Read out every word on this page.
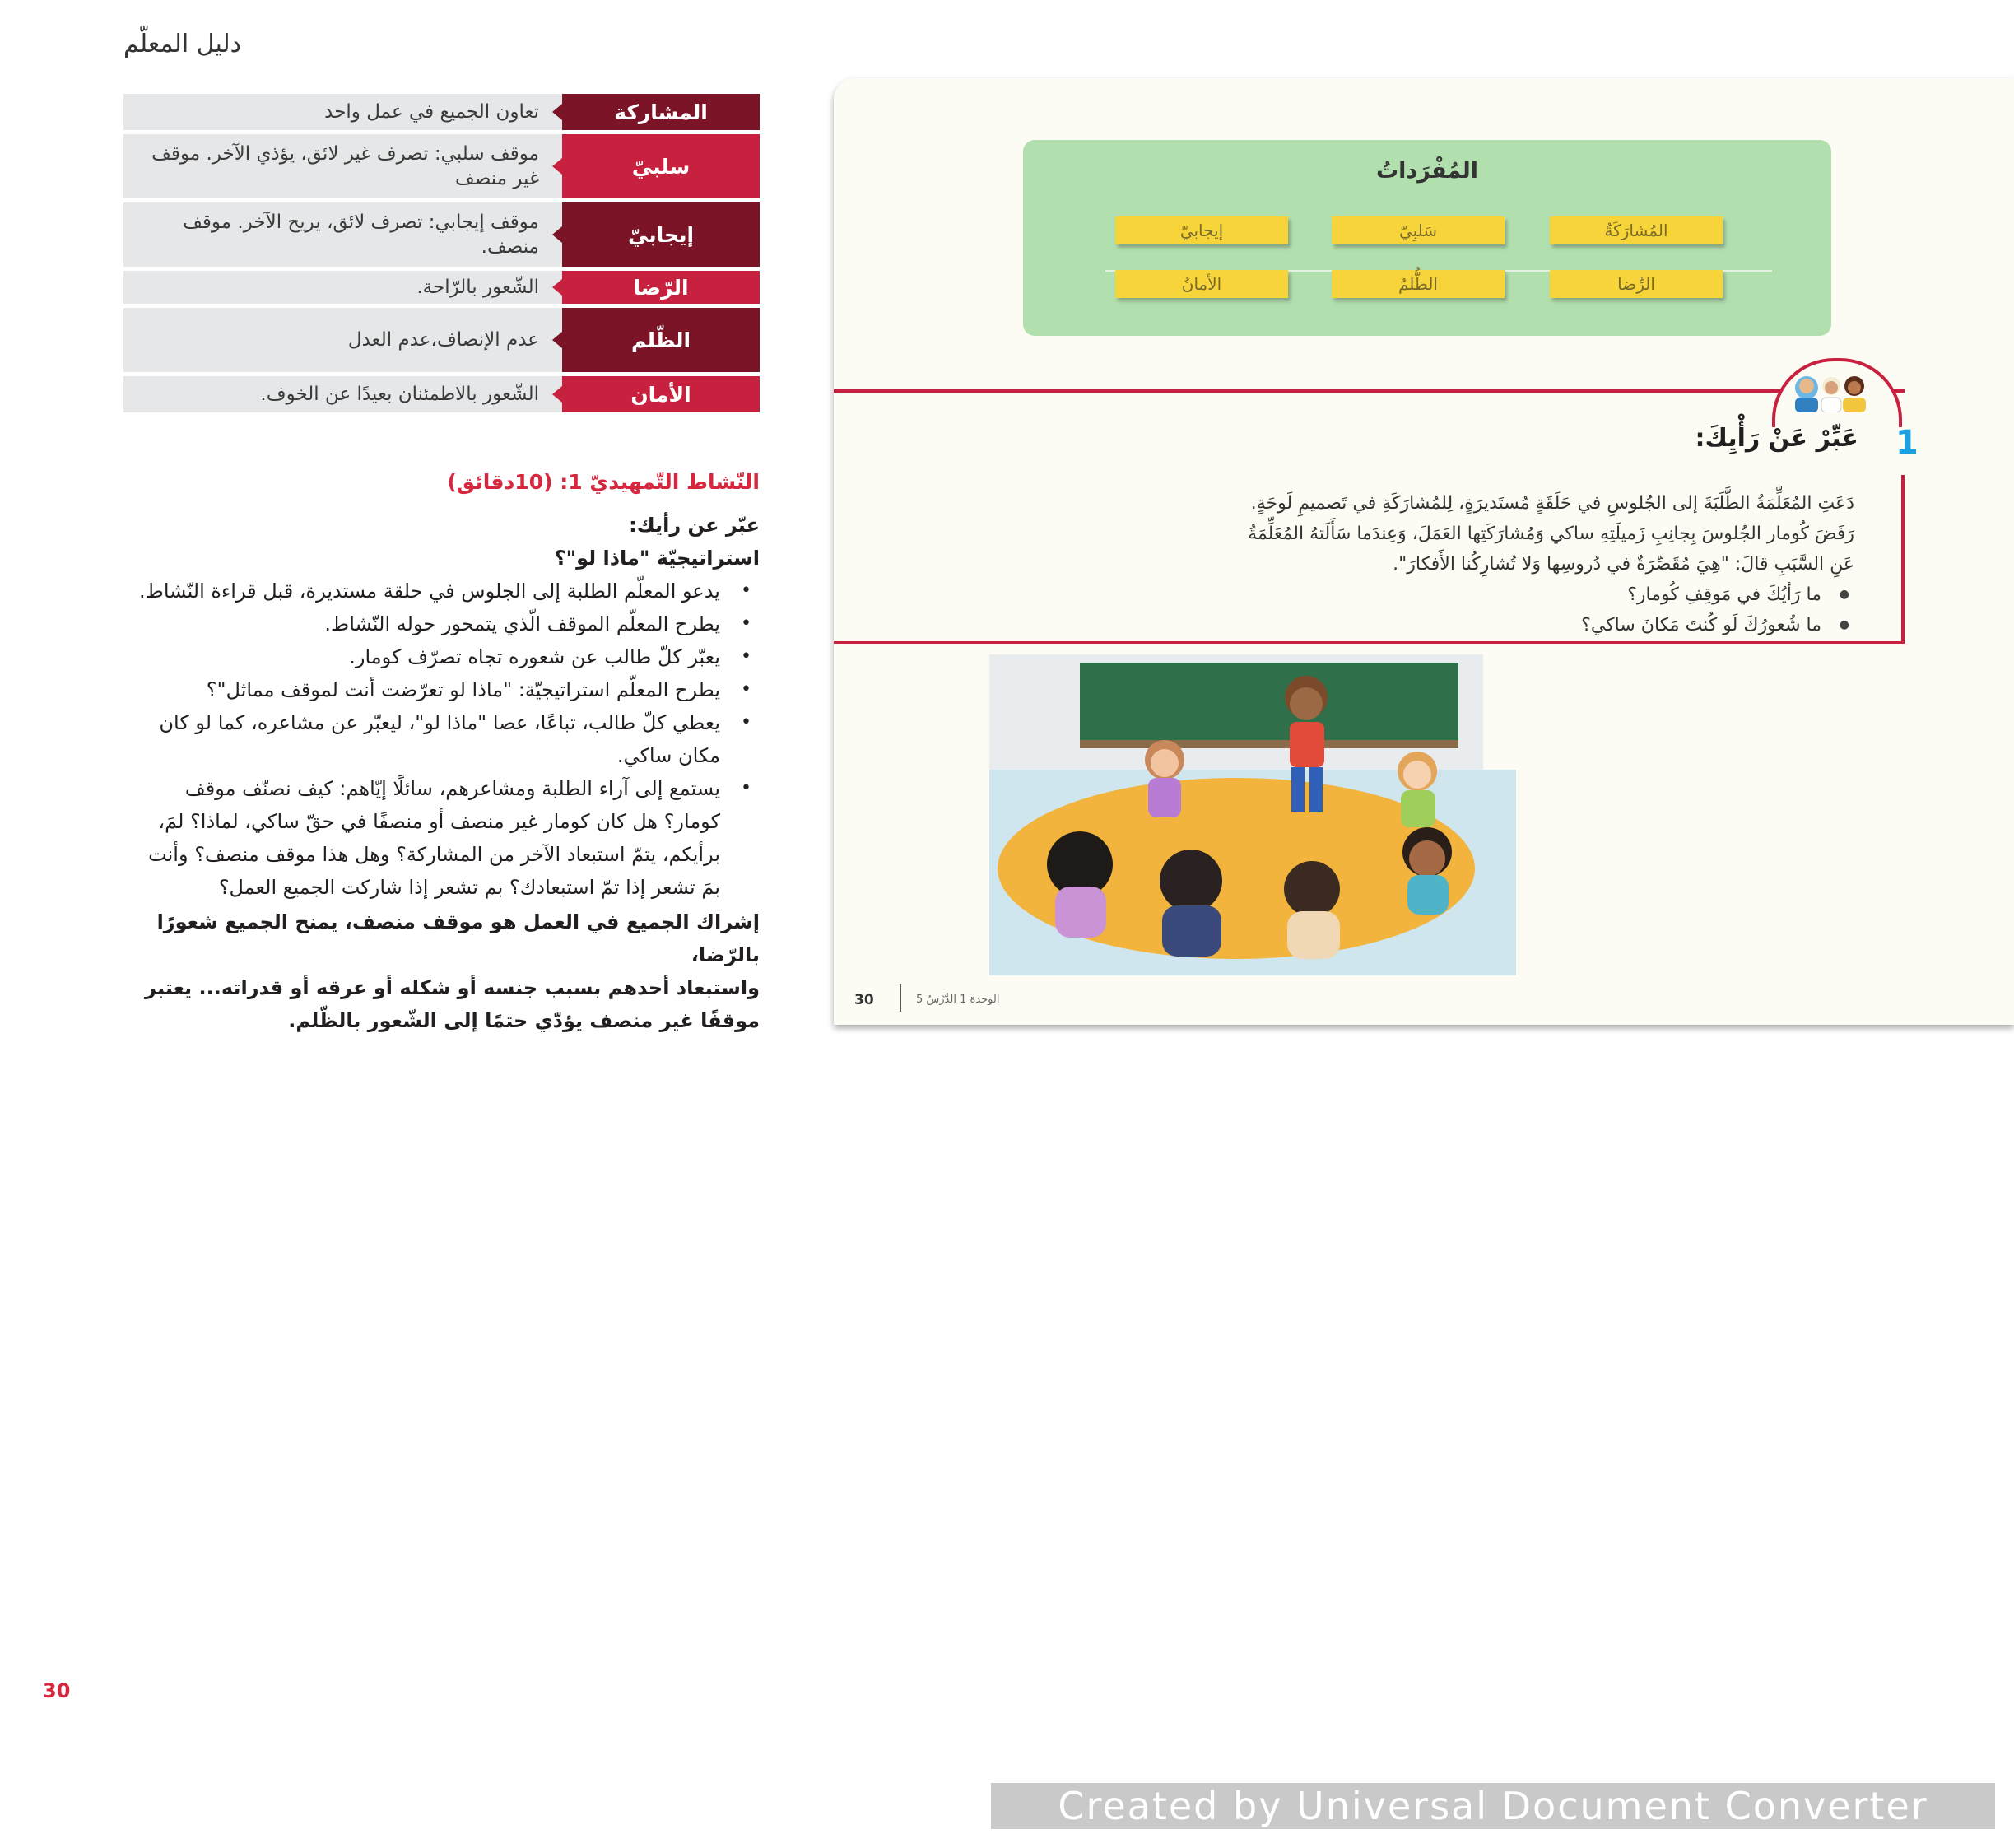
دليل المعلّم
المشاركة
تعاون الجميع في عمل واحد
سلبيّ
موقف سلبي: تصرف غير لائق، يؤذي الآخر. موقف غير منصف
إيجابيّ
موقف إيجابي: تصرف لائق، يريح الآخر. موقف منصف.
الرّضا
الشّعور بالرّاحة.
الظّلم
عدم الإنصاف،عدم العدل
الأمان
الشّعور بالاطمئنان بعيدًا عن الخوف.
النّشاط التّمهيديّ 1: (10دقائق)
عبّر عن رأيك:
استراتيجيّة "ماذا لو"؟
• يدعو المعلّم الطلبة إلى الجلوس في حلقة مستديرة، قبل قراءة النّشاط.
• يطرح المعلّم الموقف الّذي يتمحور حوله النّشاط.
• يعبّر كلّ طالب عن شعوره تجاه تصرّف كومار.
• يطرح المعلّم استراتيجيّة: "ماذا لو تعرّضت أنت لموقف مماثل"؟
• يعطي كلّ طالب، تباعًا، عصا "ماذا لو"، ليعبّر عن مشاعره، كما لو كان مكان ساكي.
• يستمع إلى آراء الطلبة ومشاعرهم، سائلًا إيّاهم: كيف نصنّف موقف كومار؟ هل كان كومار غير منصف أو منصفًا في حقّ ساكي، لماذا؟ لمَ، برأيكم، يتمّ استبعاد الآخر من المشاركة؟ وهل هذا موقف منصف؟ وأنت بمَ تشعر إذا تمّ استبعادك؟ بم تشعر إذا شاركت الجميع العمل؟
إشراك الجميع في العمل هو موقف منصف، يمنح الجميع شعورًا بالرّضا،
واستبعاد أحدهم بسبب جنسه أو شكله أو عرقه أو قدراته... يعتبر موقفًا غير منصف يؤدّي حتمًا إلى الشّعور بالظّلم.
30
المُفْرَداتُ
المُشارَكَةُ
سَلبِيّ
إيجابيّ
الرِّضا
الظُّلمُ
الأمانُ
1
عَبِّرْ عَنْ رَأْيِكَ:
دَعَتِ المُعَلِّمَةُ الطَّلَبَةَ إلى الجُلوسِ في حَلَقَةٍ مُستَديرَةٍ، لِلمُشارَكَةِ في تَصميمِ لَوحَةٍ.
رَفَضَ كُومار الجُلوسَ بِجانِبِ زَميلَتِهِ ساكي وَمُشارَكَتِها العَمَلَ، وَعِندَما سَأَلَتهُ المُعَلِّمَةُ
عَنِ السَّبَبِ قالَ: "هِيَ مُقَصِّرَةٌ في دُروسِها وَلا تُشارِكُنا الأَفكارَ".
● ما رَأيُكَ في مَوقِفِ كُومار؟
● ما شُعورُكَ لَو كُنتَ مَكانَ ساكي؟
30	الوحدة 1 الدَّرْسُ 5
Created by Universal Document Converter
